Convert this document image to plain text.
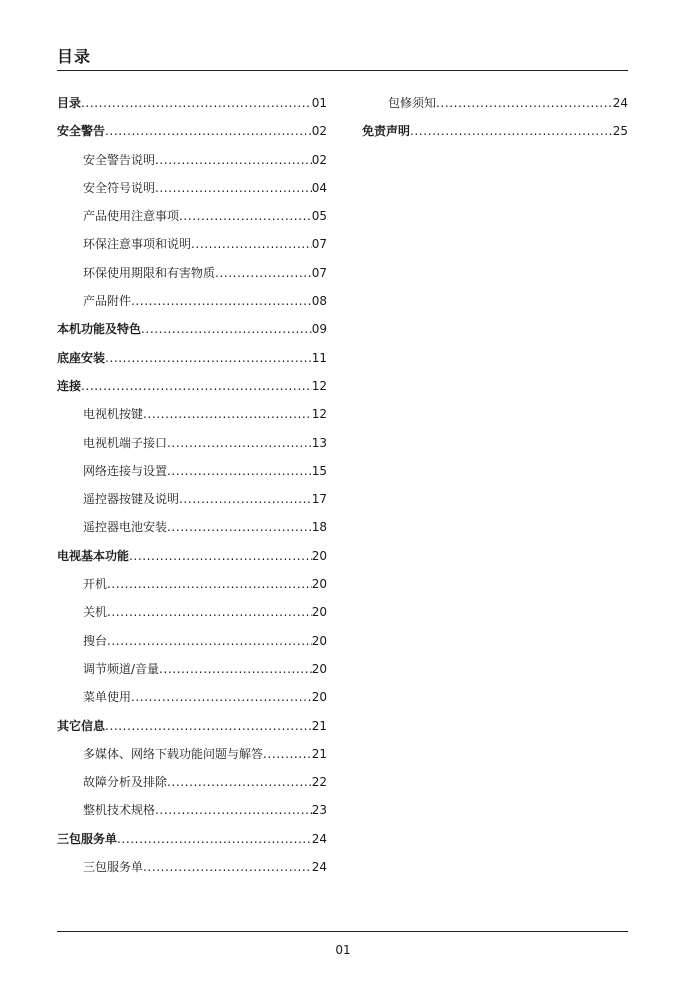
目录
目录 .....	01
安全警告 .....	02
安全警告说明 .....	02
安全符号说明 .....	04
产品使用注意事项 .....	05
环保注意事项和说明 .....	07
环保使用期限和有害物质 .....	07
产品附件 .....	08
本机功能及特色 .....	09
底座安装 .....	11
连接 .....	12
电视机按键 .....	12
电视机端子接口 .....	13
网络连接与设置 .....	15
遥控器按键及说明 .....	17
遥控器电池安装 .....	18
电视基本功能 .....	20
开机 .....	20
关机 .....	20
搜台 .....	20
调节频道/音量 .....	20
菜单使用 .....	20
其它信息 .....	21
多媒体、网络下载功能问题与解答 .....	21
故障分析及排除 .....	22
整机技术规格 .....	23
三包服务单 .....	24
三包服务单 .....	24
包修须知 .....	24
免责声明 .....	25
01
